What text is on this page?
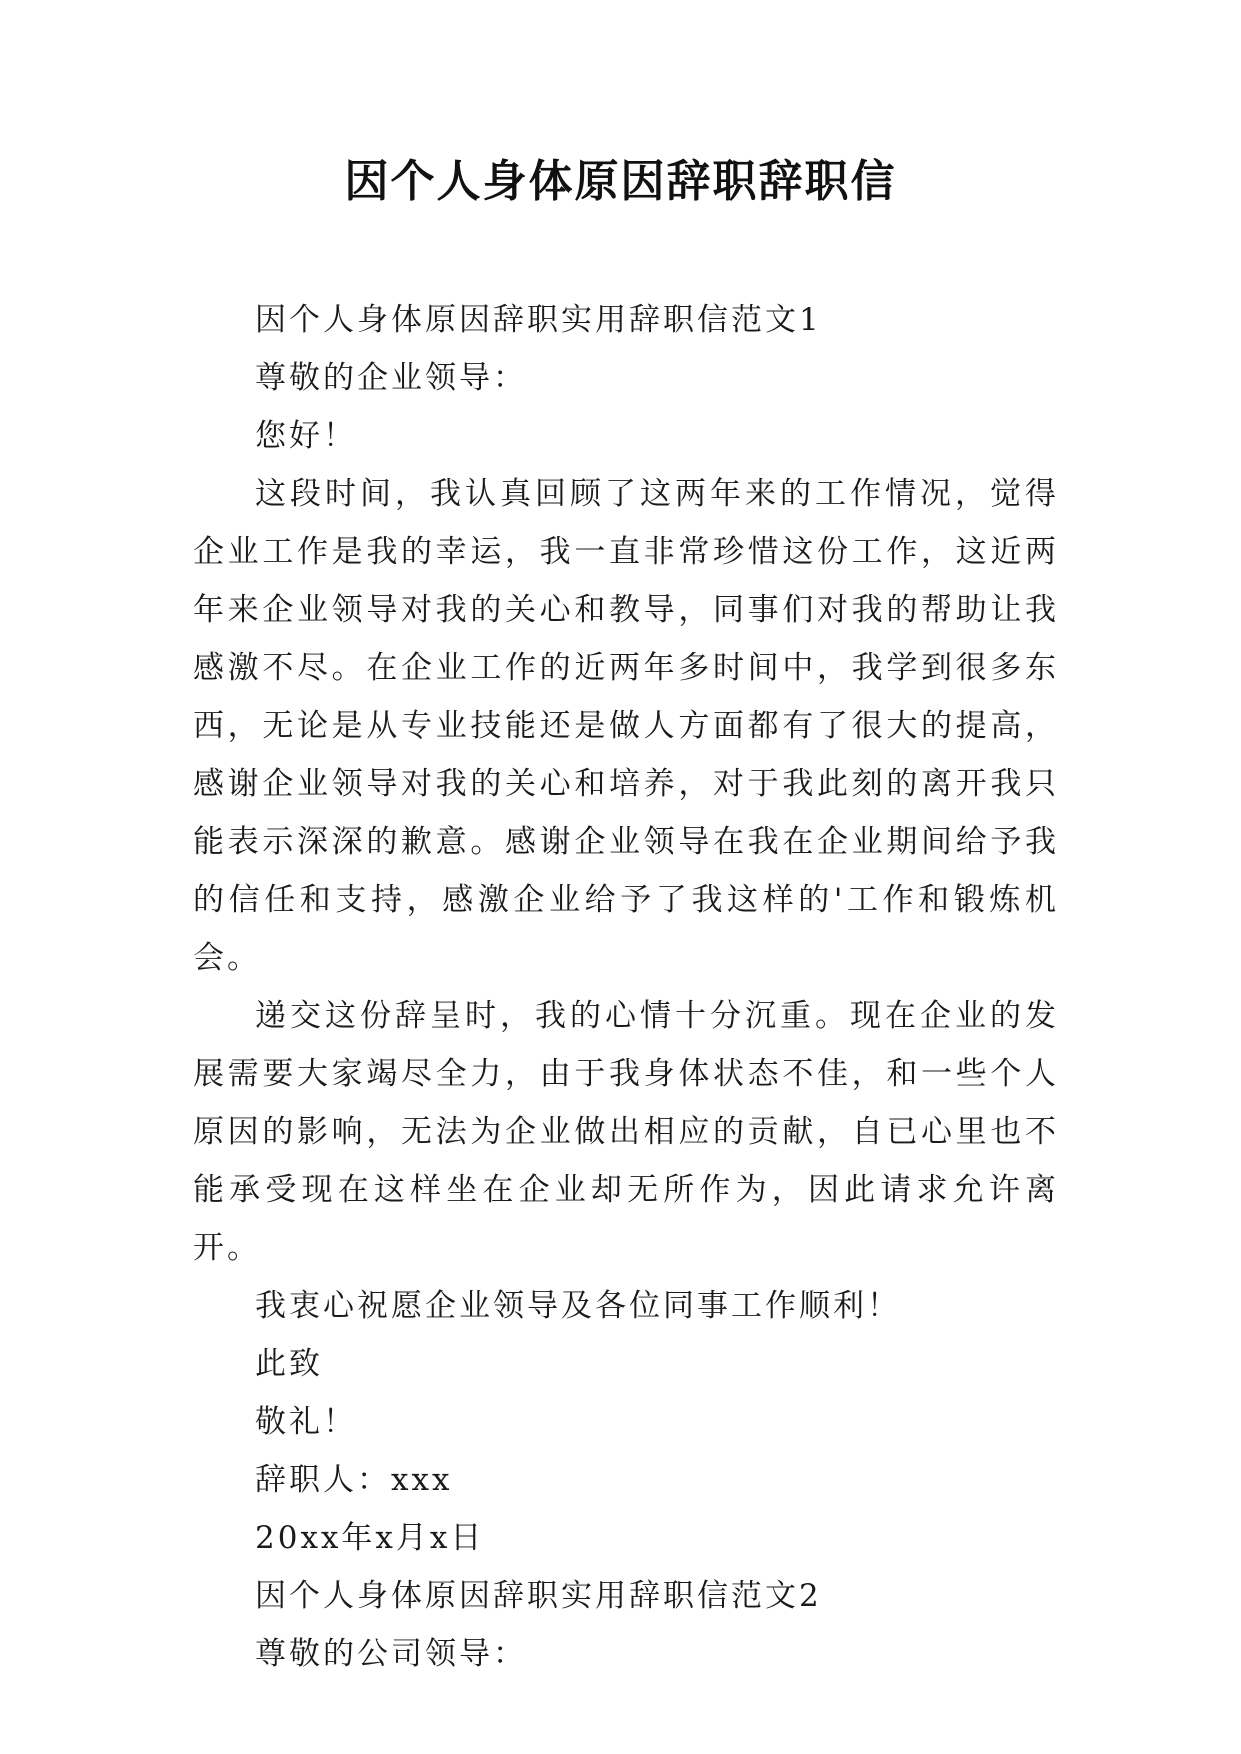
因个人身体原因辞职辞职信

因个人身体原因辞职实用辞职信范文1

尊敬的企业领导：

您好！

这段时间，我认真回顾了这两年来的工作情况，觉得企业工作是我的幸运，我一直非常珍惜这份工作，这近两年来企业领导对我的关心和教导，同事们对我的帮助让我感激不尽。在企业工作的近两年多时间中，我学到很多东西，无论是从专业技能还是做人方面都有了很大的提高，感谢企业领导对我的关心和培养，对于我此刻的离开我只能表示深深的歉意。感谢企业领导在我在企业期间给予我的信任和支持，感激企业给予了我这样的'工作和锻炼机会。

递交这份辞呈时，我的心情十分沉重。现在企业的发展需要大家竭尽全力，由于我身体状态不佳，和一些个人原因的影响，无法为企业做出相应的贡献，自已心里也不能承受现在这样坐在企业却无所作为，因此请求允许离开。

我衷心祝愿企业领导及各位同事工作顺利！

此致

敬礼！

辞职人：xxx

20xx年x月x日

因个人身体原因辞职实用辞职信范文2

尊敬的公司领导：
